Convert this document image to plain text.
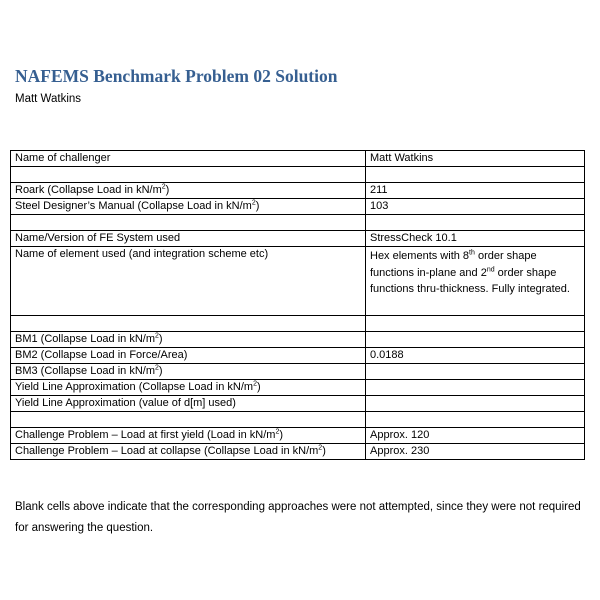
NAFEMS Benchmark Problem 02 Solution
Matt Watkins
Name of challenger	Matt Watkins

Roark (Collapse Load in $kN/m^2$)	211
Steel Designer’s Manual (Collapse Load in $kN/m^2$)	103

Name/Version of FE System used	StressCheck 10.1
Name of element used (and integration scheme etc)	Hex elements with 8th order shape functions in-plane and 2nd order shape functions thru-thickness. Fully integrated.

BM1 (Collapse Load in $kN/m^2$)	
BM2 (Collapse Load in Force/Area)	0.0188
BM3 (Collapse Load in $kN/m^2$)	
Yield Line Approximation (Collapse Load in $kN/m^2$)	
Yield Line Approximation (value of d[m] used)	

Challenge Problem – Load at first yield (Load in $kN/m^2$)	Approx. 120
Challenge Problem – Load at collapse (Collapse Load in $kN/m^2$)	Approx. 230
Blank cells above indicate that the corresponding approaches were not attempted, since they were not required for answering the question.
